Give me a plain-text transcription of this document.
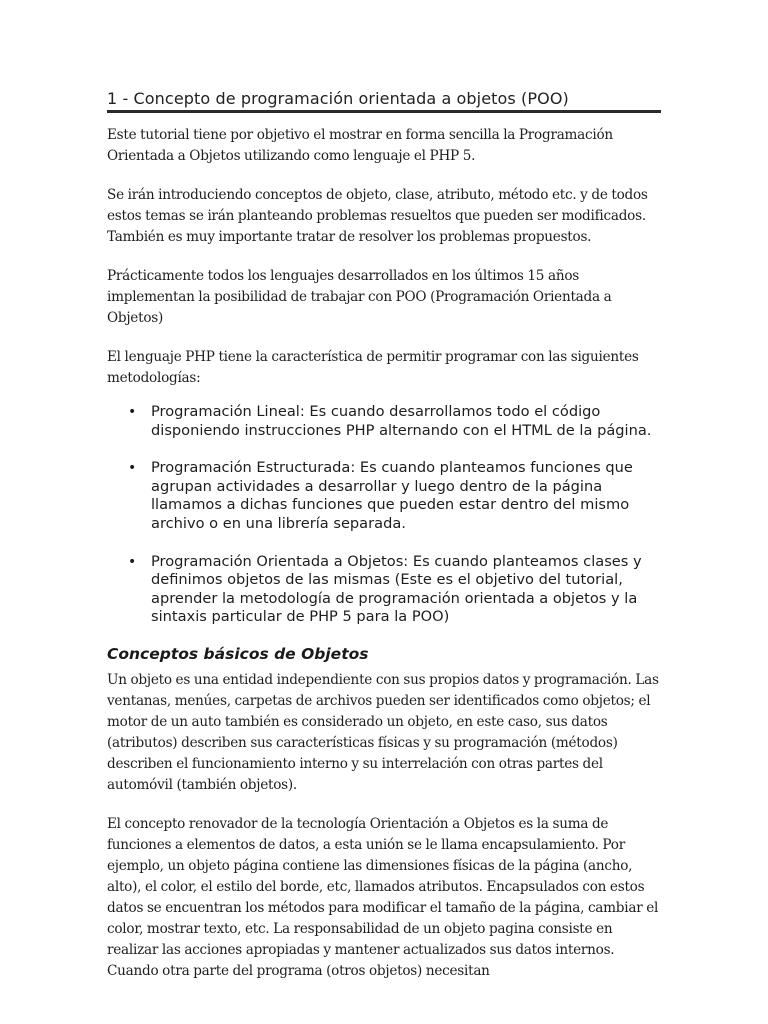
1 - Concepto de programación orientada a objetos (POO)

Este tutorial tiene por objetivo el mostrar en forma sencilla la Programación Orientada a Objetos utilizando como lenguaje el PHP 5.

Se irán introduciendo conceptos de objeto, clase, atributo, método etc. y de todos estos temas se irán planteando problemas resueltos que pueden ser modificados. También es muy importante tratar de resolver los problemas propuestos.

Prácticamente todos los lenguajes desarrollados en los últimos 15 años implementan la posibilidad de trabajar con POO (Programación Orientada a Objetos)

El lenguaje PHP tiene la característica de permitir programar con las siguientes metodologías:

• Programación Lineal: Es cuando desarrollamos todo el código disponiendo instrucciones PHP alternando con el HTML de la página.
• Programación Estructurada: Es cuando planteamos funciones que agrupan actividades a desarrollar y luego dentro de la página llamamos a dichas funciones que pueden estar dentro del mismo archivo o en una librería separada.
• Programación Orientada a Objetos: Es cuando planteamos clases y definimos objetos de las mismas (Este es el objetivo del tutorial, aprender la metodología de programación orientada a objetos y la sintaxis particular de PHP 5 para la POO)
Conceptos básicos de Objetos

Un objeto es una entidad independiente con sus propios datos y programación. Las ventanas, menúes, carpetas de archivos pueden ser identificados como objetos; el motor de un auto también es considerado un objeto, en este caso, sus datos (atributos) describen sus características físicas y su programación (métodos) describen el funcionamiento interno y su interrelación con otras partes del automóvil (también objetos).

El concepto renovador de la tecnología Orientación a Objetos es la suma de funciones a elementos de datos, a esta unión se le llama encapsulamiento. Por ejemplo, un objeto página contiene las dimensiones físicas de la página (ancho, alto), el color, el estilo del borde, etc, llamados atributos. Encapsulados con estos datos se encuentran los métodos para modificar el tamaño de la página, cambiar el color, mostrar texto, etc. La responsabilidad de un objeto pagina consiste en realizar las acciones apropiadas y mantener actualizados sus datos internos. Cuando otra parte del programa (otros objetos) necesitan
